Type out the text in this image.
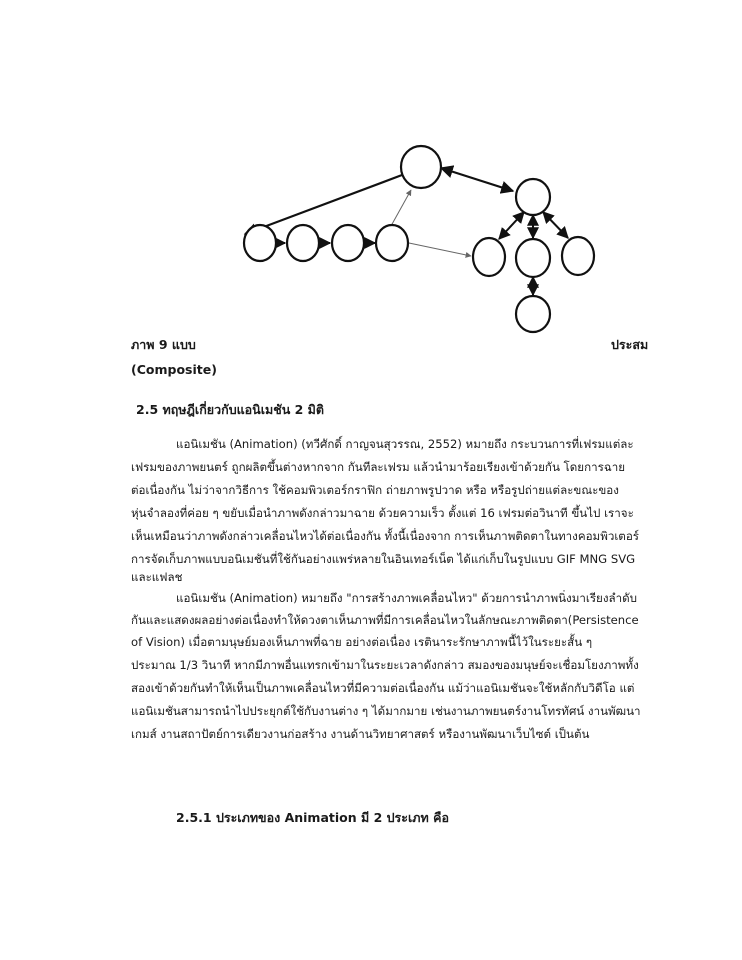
ภาพ 9 แบบ	ประสม
(Composite)
2.5 ทฤษฎีเกี่ยวกับแอนิเมชัน 2 มิติ
แอนิเมชัน (Animation) (ทวีศักดิ์ กาญจนสุวรรณ, 2552) หมายถึง กระบวนการที่เฟรมแต่ละ
เฟรมของภาพยนตร์ ถูกผลิตขึ้นต่างหากจาก กันทีละเฟรม แล้วนำมาร้อยเรียงเข้าด้วยกัน โดยการฉาย
ต่อเนื่องกัน ไม่ว่าจากวิธีการ ใช้คอมพิวเตอร์กราฟิก ถ่ายภาพรูปวาด หรือ หรือรูปถ่ายแต่ละขณะของ
หุ่นจำลองที่ค่อย ๆ ขยับเมื่อนำภาพดังกล่าวมาฉาย ด้วยความเร็ว ตั้งแต่ 16 เฟรมต่อวินาที ขึ้นไป เราจะ
เห็นเหมือนว่าภาพดังกล่าวเคลื่อนไหวได้ต่อเนื่องกัน ทั้งนี้เนื่องจาก การเห็นภาพติดตาในทางคอมพิวเตอร์
การจัดเก็บภาพแบบอนิเมชันที่ใช้กันอย่างแพร่หลายในอินเทอร์เน็ต ได้แก่เก็บในรูปแบบ GIF MNG SVG
และแฟลช
แอนิเมชัน (Animation) หมายถึง "การสร้างภาพเคลื่อนไหว" ด้วยการนำภาพนิ่งมาเรียงลำดับ
กันและแสดงผลอย่างต่อเนื่องทำให้ดวงตาเห็นภาพที่มีการเคลื่อนไหวในลักษณะภาพติดตา(Persistence
of Vision) เมื่อตามนุษย์มองเห็นภาพที่ฉาย อย่างต่อเนื่อง เรตินาระรักษาภาพนี้ไว้ในระยะสั้น ๆ
ประมาณ 1/3 วินาที หากมีภาพอื่นแทรกเข้ามาในระยะเวลาดังกล่าว สมองของมนุษย์จะเชื่อมโยงภาพทั้ง
สองเข้าด้วยกันทำให้เห็นเป็นภาพเคลื่อนไหวที่มีความต่อเนื่องกัน แม้ว่าแอนิเมชันจะใช้หลักกับวิดีโอ แต่
แอนิเมชันสามารถนำไปประยุกต์ใช้กับงานต่าง ๆ ได้มากมาย เช่นงานภาพยนตร์งานโทรทัศน์ งานพัฒนา
เกมส์ งานสถาปัตย์การเดียวงานก่อสร้าง งานด้านวิทยาศาสตร์ หรืองานพัฒนาเว็บไซต์ เป็นต้น
2.5.1 ประเภทของ Animation มี 2 ประเภท คือ
